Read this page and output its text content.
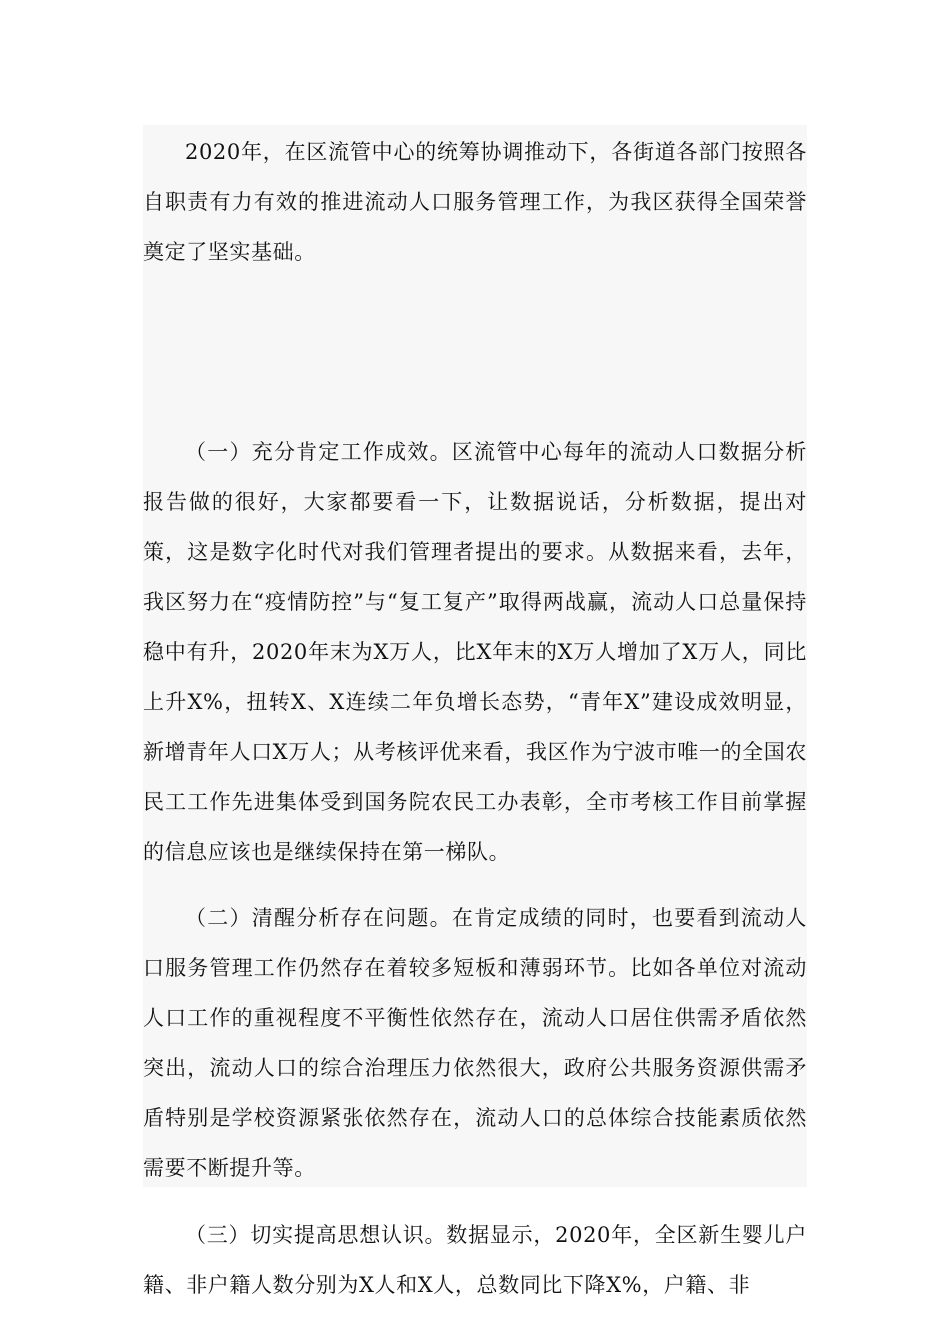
2020年，在区流管中心的统筹协调推动下，各街道各部门按照各自职责有力有效的推进流动人口服务管理工作，为我区获得全国荣誉奠定了坚实基础。

（一）充分肯定工作成效。区流管中心每年的流动人口数据分析报告做的很好，大家都要看一下，让数据说话，分析数据，提出对策，这是数字化时代对我们管理者提出的要求。从数据来看，去年，我区努力在“疫情防控”与“复工复产”取得两战赢，流动人口总量保持稳中有升，2020年末为X万人，比X年末的X万人增加了X万人，同比上升X%，扭转X、X连续二年负增长态势，“青年X”建设成效明显，新增青年人口X万人；从考核评优来看，我区作为宁波市唯一的全国农民工工作先进集体受到国务院农民工办表彰，全市考核工作目前掌握的信息应该也是继续保持在第一梯队。

（二）清醒分析存在问题。在肯定成绩的同时，也要看到流动人口服务管理工作仍然存在着较多短板和薄弱环节。比如各单位对流动人口工作的重视程度不平衡性依然存在，流动人口居住供需矛盾依然突出，流动人口的综合治理压力依然很大，政府公共服务资源供需矛盾特别是学校资源紧张依然存在，流动人口的总体综合技能素质依然需要不断提升等。

（三）切实提高思想认识。数据显示，2020年，全区新生婴儿户籍、非户籍人数分别为X人和X人，总数同比下降X%，户籍、非
